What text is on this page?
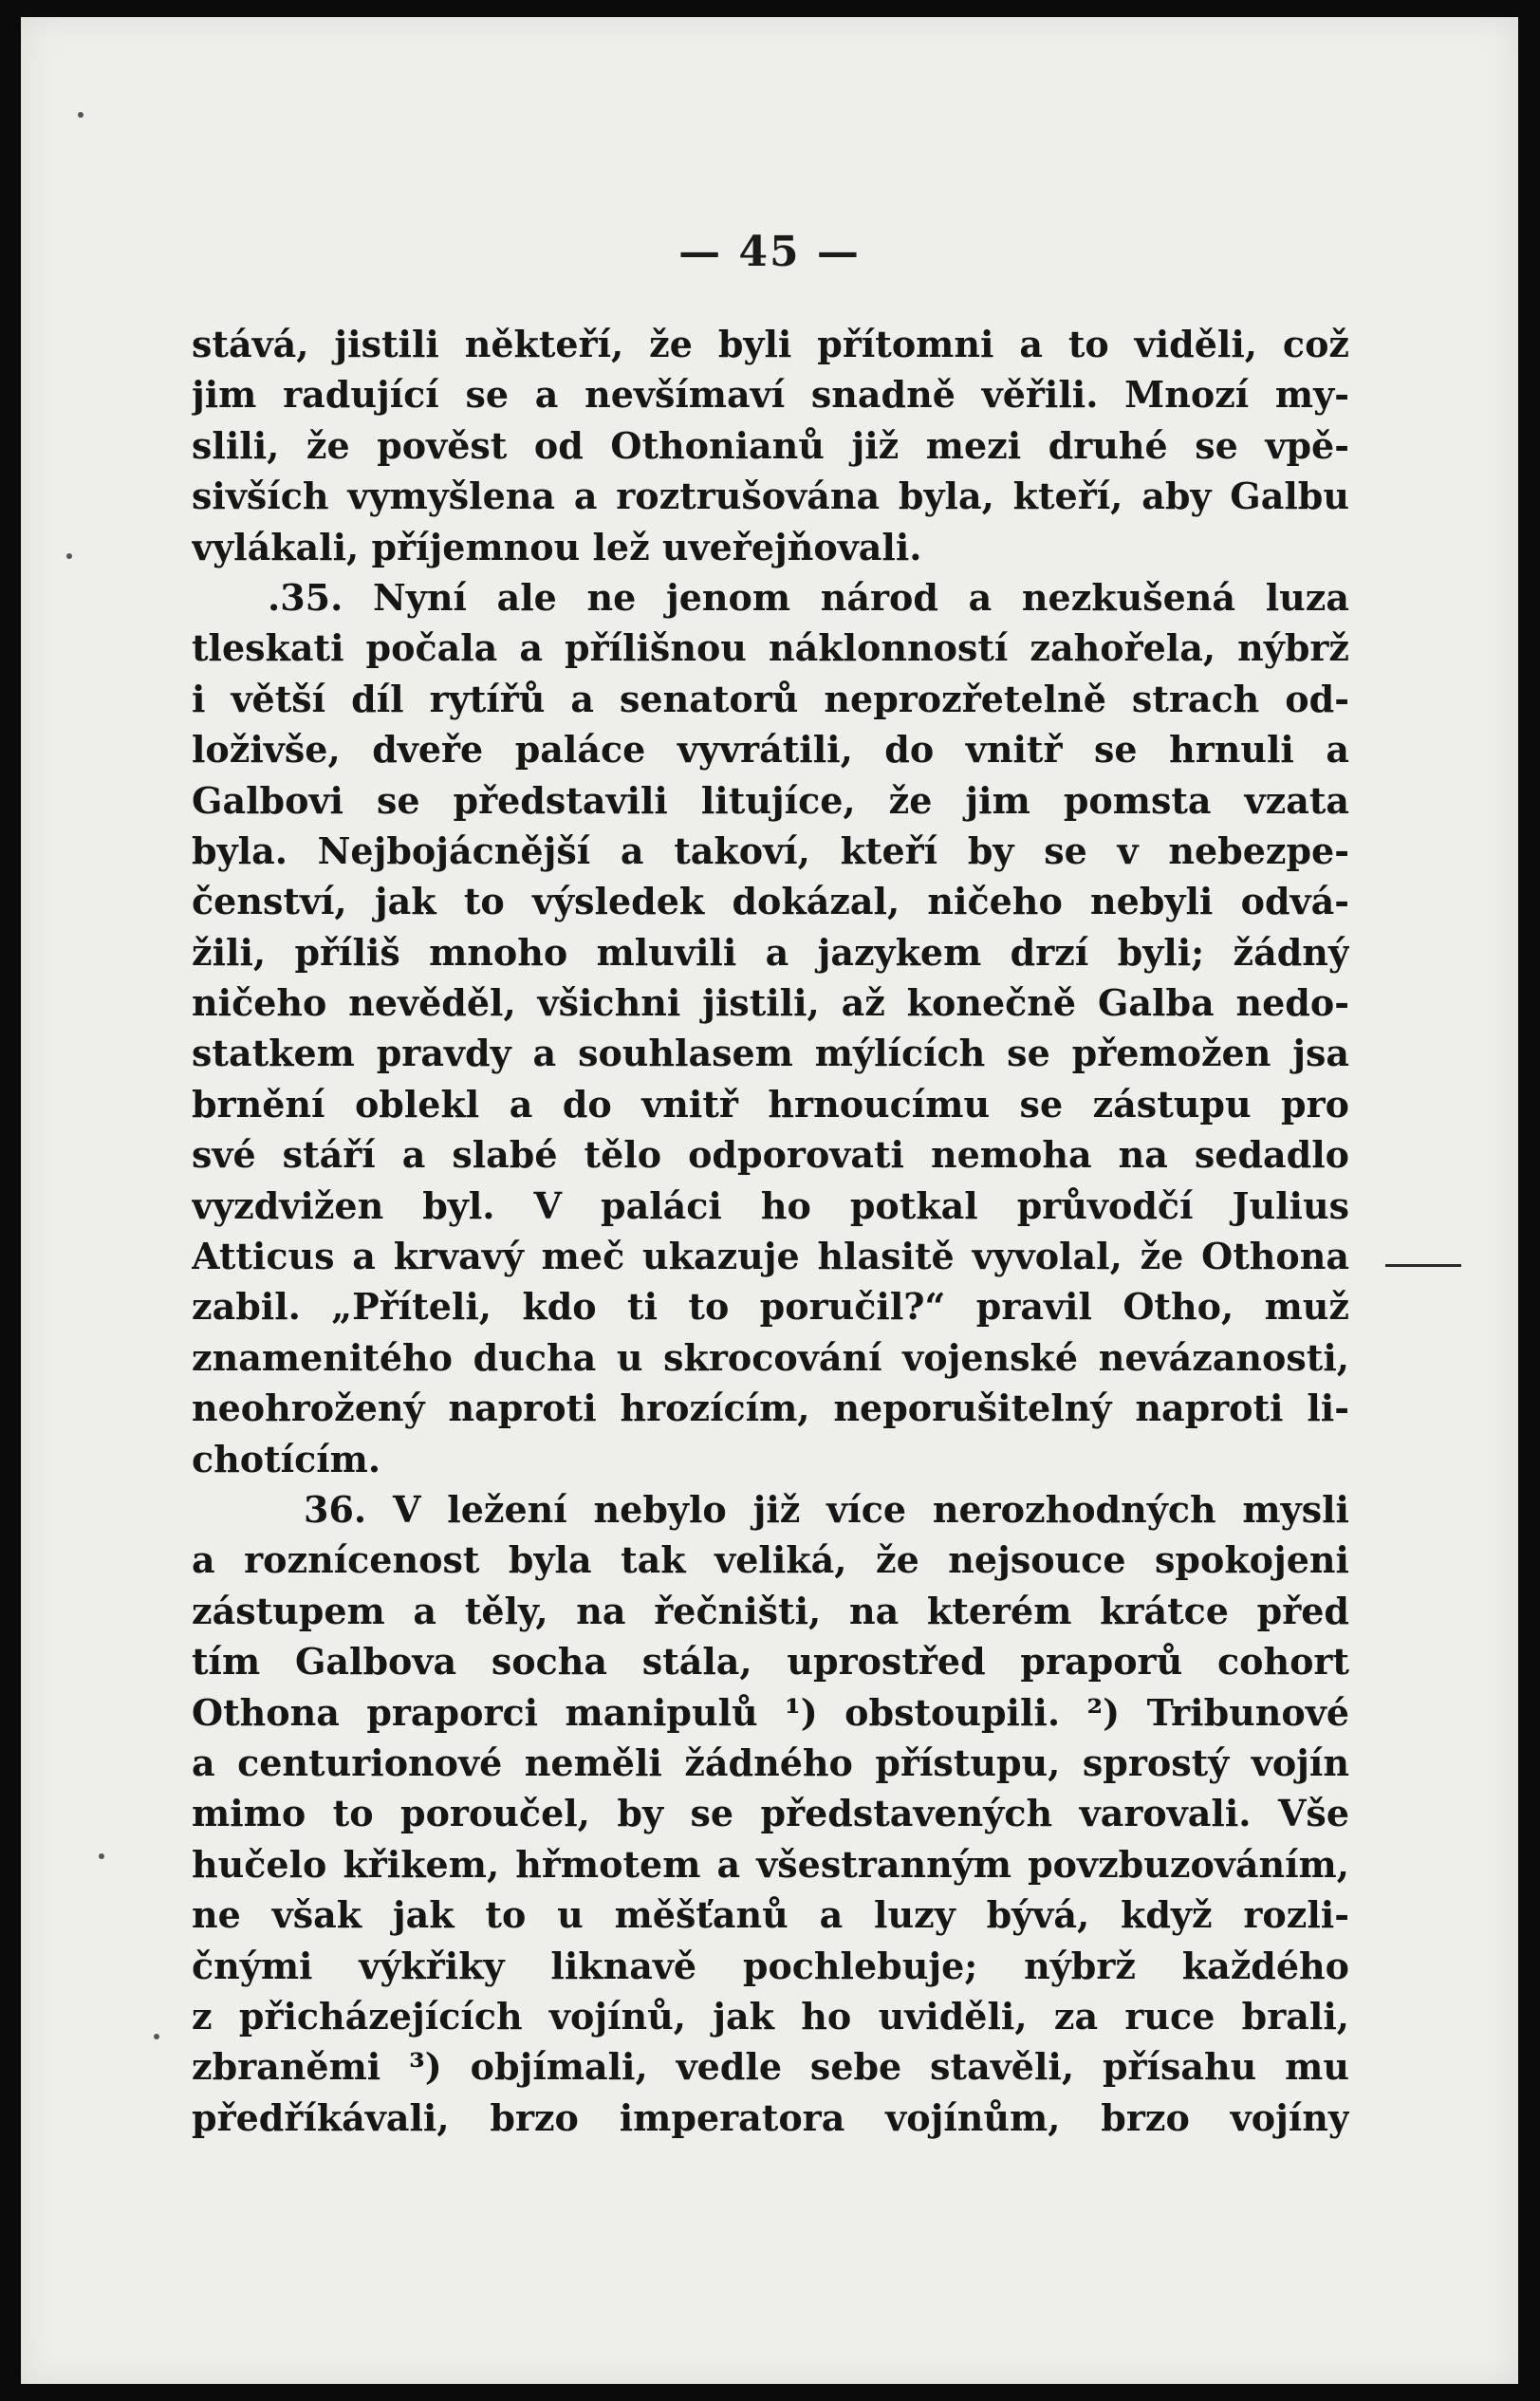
— 45 —
stává, jistili někteří, že byli přítomni a to viděli, což
jim radující se a nevšímaví snadně věřili. Mnozí my-
slili, že pověst od Othonianů již mezi druhé se vpě-
sivších vymyšlena a roztrušována byla, kteří, aby Galbu
vylákali, příjemnou lež uveřejňovali.
.35. Nyní ale ne jenom národ a nezkušená luza
tleskati počala a přílišnou náklonností zahořela, nýbrž
i větší díl rytířů a senatorů neprozřetelně strach od-
loživše, dveře paláce vyvrátili, do vnitř se hrnuli a
Galbovi se představili litujíce, že jim pomsta vzata
byla. Nejbojácnější a takoví, kteří by se v nebezpe-
čenství, jak to výsledek dokázal, ničeho nebyli odvá-
žili, příliš mnoho mluvili a jazykem drzí byli; žádný
ničeho nevěděl, všichni jistili, až konečně Galba nedo-
statkem pravdy a souhlasem mýlících se přemožen jsa
brnění oblekl a do vnitř hrnoucímu se zástupu pro
své stáří a slabé tělo odporovati nemoha na sedadlo
vyzdvižen byl. V paláci ho potkal průvodčí Julius
Atticus a krvavý meč ukazuje hlasitě vyvolal, že Othona
zabil. „Příteli, kdo ti to poručil?“ pravil Otho, muž
znamenitého ducha u skrocování vojenské nevázanosti,
neohrožený naproti hrozícím, neporušitelný naproti li-
chotícím.
36. V ležení nebylo již více nerozhodných mysli
a roznícenost byla tak veliká, že nejsouce spokojeni
zástupem a těly, na řečništi, na kterém krátce před
tím Galbova socha stála, uprostřed praporů cohort
Othona praporci manipulů ¹) obstoupili. ²) Tribunové
a centurionové neměli žádného přístupu, sprostý vojín
mimo to poroučel, by se představených varovali. Vše
hučelo křikem, hřmotem a všestranným povzbuzováním,
ne však jak to u měšťanů a luzy bývá, když rozli-
čnými výkřiky liknavě pochlebuje; nýbrž každého
z přicházejících vojínů, jak ho uviděli, za ruce brali,
zbraněmi ³) objímali, vedle sebe stavěli, přísahu mu
předříkávali, brzo imperatora vojínům, brzo vojíny
